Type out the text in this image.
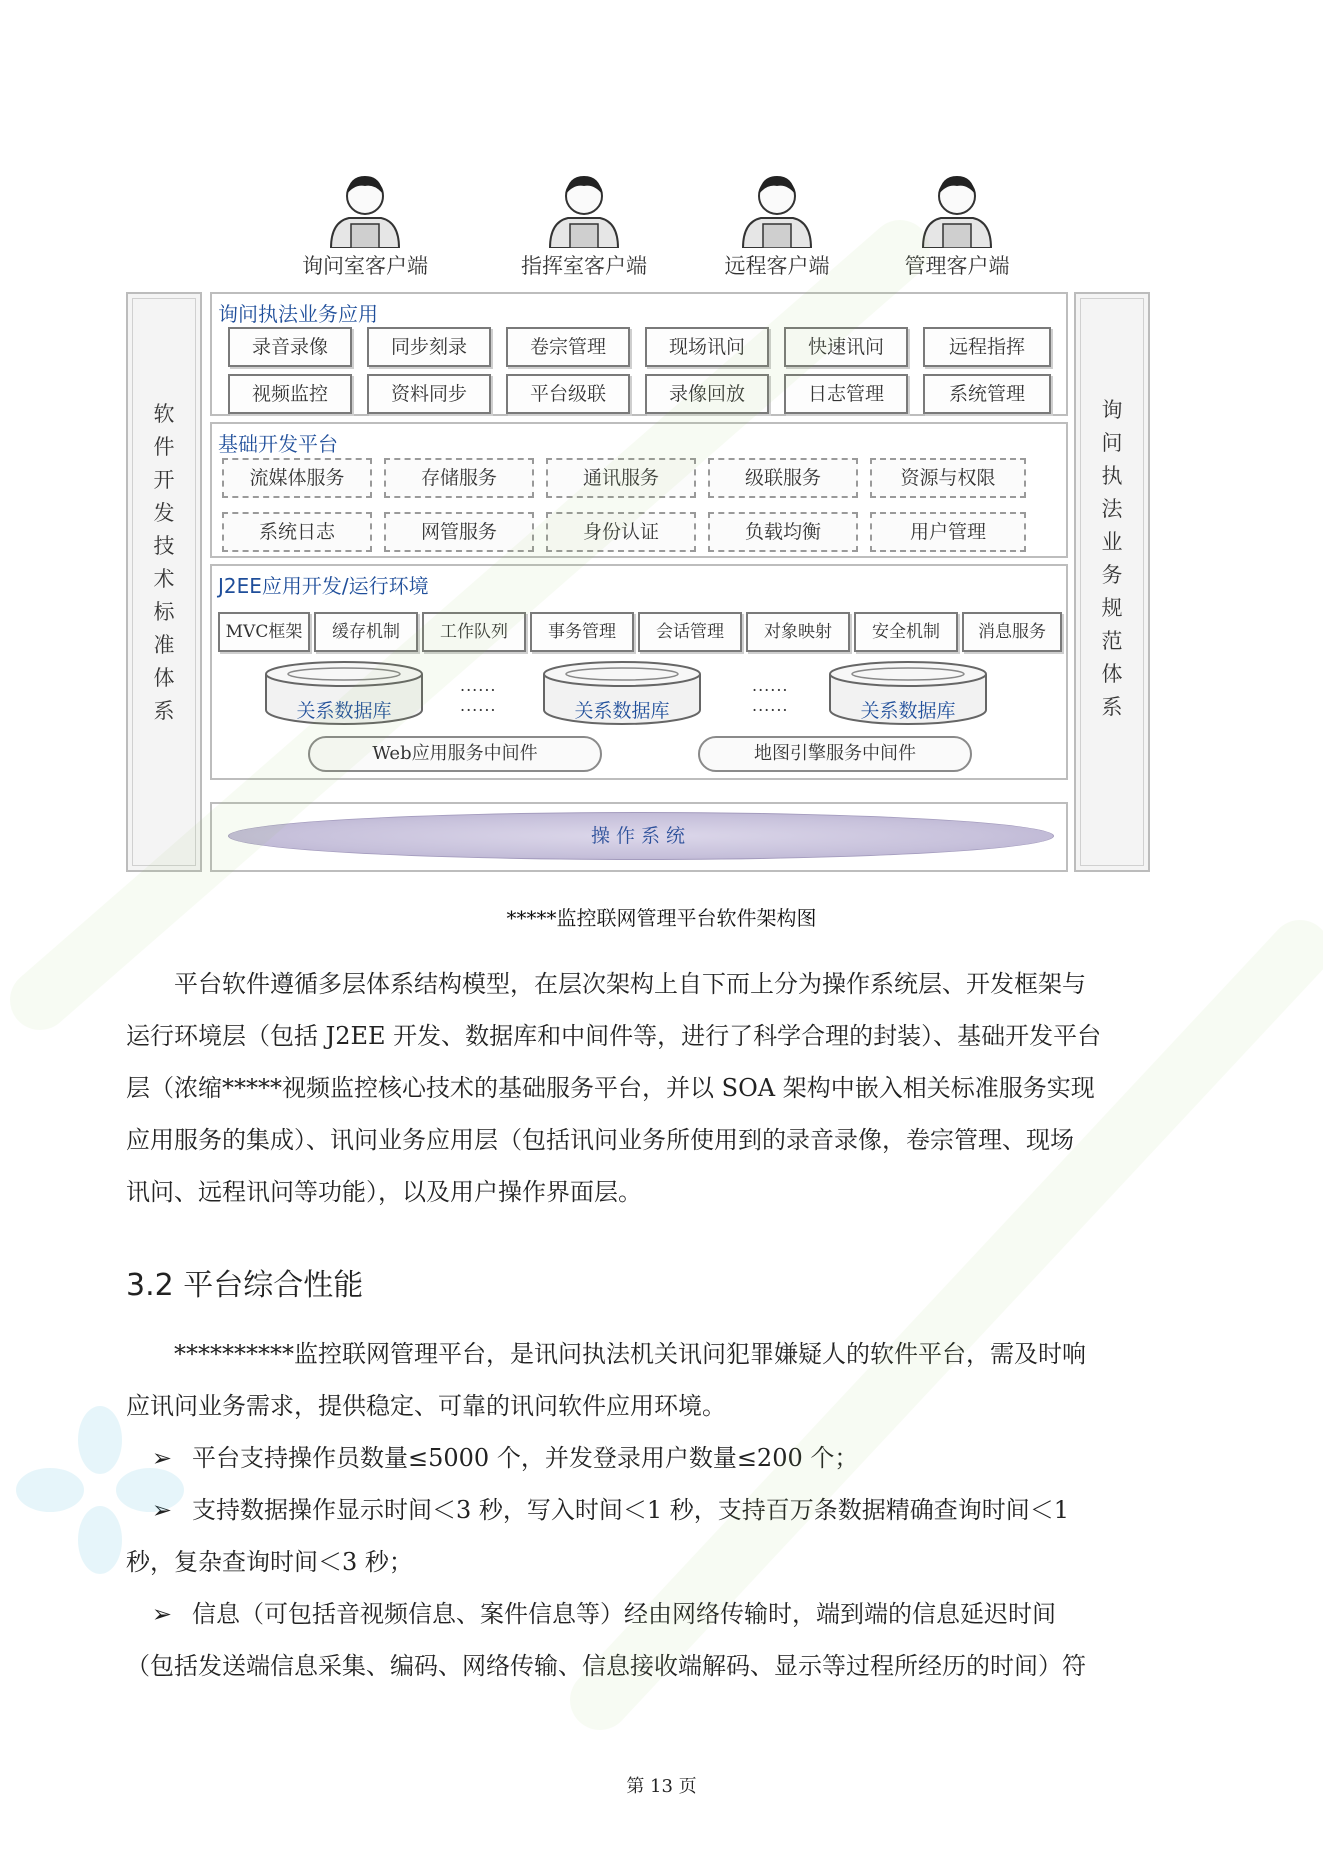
询问室客户端	指挥室客户端	远程客户端	管理客户端
软
件
开
发
技
术
标
准
体
系
询
问
执
法
业
务
规
范
体
系
询问执法业务应用
录音录像	同步刻录	卷宗管理	现场讯问	快速讯问	远程指挥
视频监控	资料同步	平台级联	录像回放	日志管理	系统管理
基础开发平台
流媒体服务	存储服务	通讯服务	级联服务	资源与权限
系统日志	网管服务	身份认证	负载均衡	用户管理
J2EE应用开发/运行环境
MVC框架	缓存机制	工作队列	事务管理	会话管理	对象映射	安全机制	消息服务
关系数据库
......
......	关系数据库
......
......	关系数据库
Web应用服务中间件	地图引擎服务中间件
操作系统
*****监控联网管理平台软件架构图
　　平台软件遵循多层体系结构模型，在层次架构上自下而上分为操作系统层、开发框架与
运行环境层（包括 J2EE 开发、数据库和中间件等，进行了科学合理的封装）、基础开发平台
层（浓缩*****视频监控核心技术的基础服务平台，并以 SOA 架构中嵌入相关标准服务实现
应用服务的集成）、讯问业务应用层（包括讯问业务所使用到的录音录像，卷宗管理、现场
讯问、远程讯问等功能），以及用户操作界面层。
3.2 平台综合性能
　　**********监控联网管理平台，是讯问执法机关讯问犯罪嫌疑人的软件平台，需及时响
应讯问业务需求，提供稳定、可靠的讯问软件应用环境。
➢ 平台支持操作员数量≤5000 个，并发登录用户数量≤200 个；
➢ 支持数据操作显示时间＜3 秒，写入时间＜1 秒，支持百万条数据精确查询时间＜1
秒，复杂查询时间＜3 秒；
➢ 信息（可包括音视频信息、案件信息等）经由网络传输时，端到端的信息延迟时间
（包括发送端信息采集、编码、网络传输、信息接收端解码、显示等过程所经历的时间）符
第 13 页
